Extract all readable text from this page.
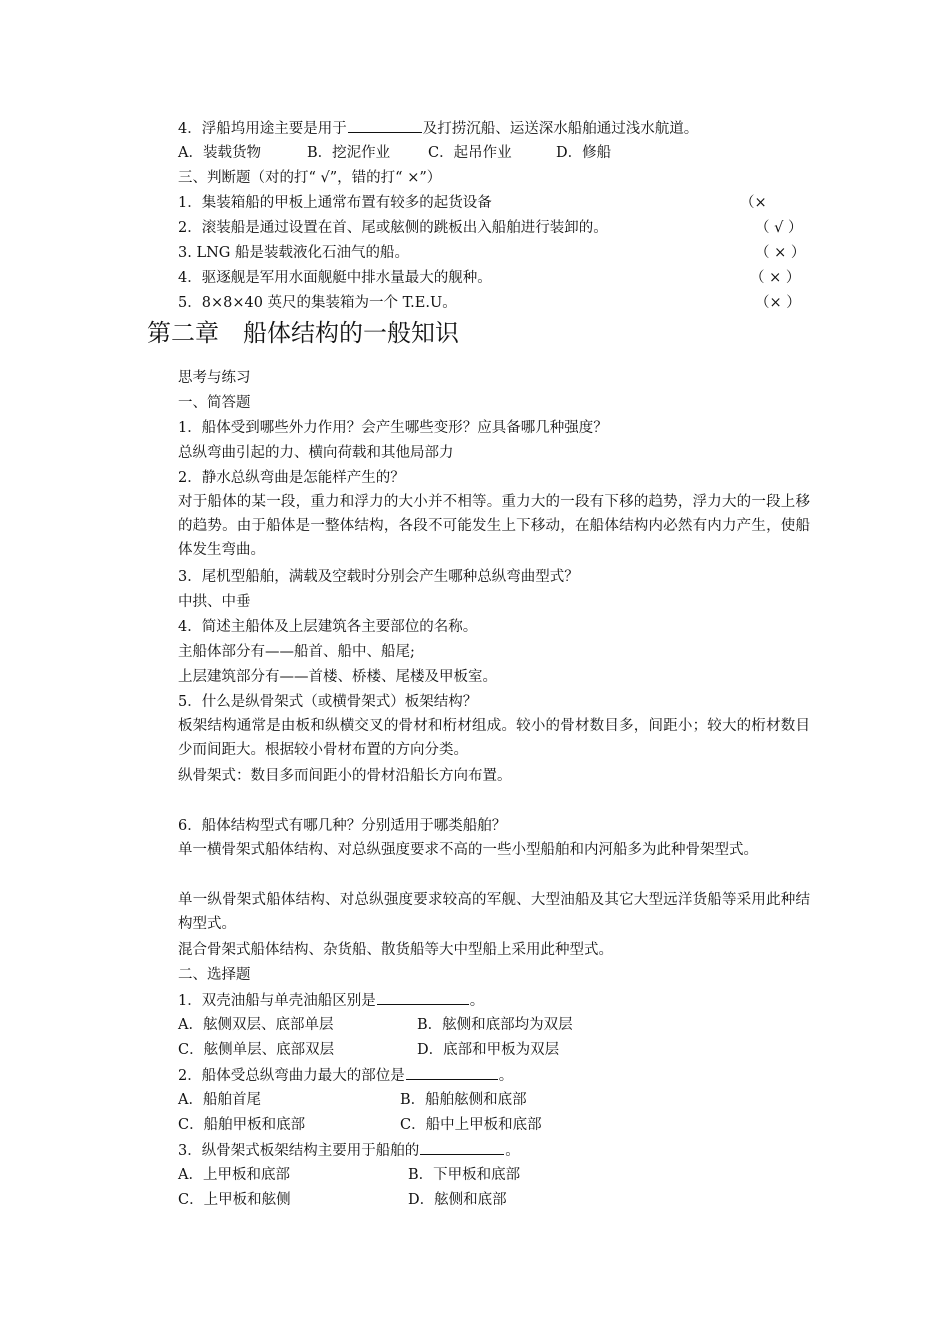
4．浮船坞用途主要是用于	及打捞沉船、运送深水船舶通过浅水航道。
A．装载货物	B．挖泥作业	C．起吊作业	D．修船
三、判断题（对的打“ √”，错的打“ ×”）
1．集装箱船的甲板上通常布置有较多的起货设备	（×
2．滚装船是通过设置在首、尾或舷侧的跳板出入船舶进行装卸的。	（ √ ）
3. LNG 船是装载液化石油气的船。	（ × ）
4．驱逐舰是军用水面舰艇中排水量最大的舰种。	（ × ）
5．8×8×40 英尺的集装箱为一个 T.E.U。	（× ）
第二章　船体结构的一般知识
思考与练习
一、简答题
1．船体受到哪些外力作用？会产生哪些变形？应具备哪几种强度？
总纵弯曲引起的力、横向荷载和其他局部力
2．静水总纵弯曲是怎能样产生的？
对于船体的某一段，重力和浮力的大小并不相等。重力大的一段有下移的趋势，浮力大的一段上移的趋势。由于船体是一整体结构，各段不可能发生上下移动，在船体结构内必然有内力产生，使船体发生弯曲。
3．尾机型船舶，满载及空载时分别会产生哪种总纵弯曲型式？
中拱、中垂
4．简述主船体及上层建筑各主要部位的名称。
主船体部分有——船首、船中、船尾;
上层建筑部分有——首楼、桥楼、尾楼及甲板室。
5．什么是纵骨架式（或横骨架式）板架结构？
板架结构通常是由板和纵横交叉的骨材和桁材组成。较小的骨材数目多，间距小；较大的桁材数目少而间距大。根据较小骨材布置的方向分类。
纵骨架式：数目多而间距小的骨材沿船长方向布置。
6．船体结构型式有哪几种？分别适用于哪类船舶？
单一横骨架式船体结构、对总纵强度要求不高的一些小型船舶和内河船多为此种骨架型式。
单一纵骨架式船体结构、对总纵强度要求较高的军舰、大型油船及其它大型远洋货船等采用此种结构型式。
混合骨架式船体结构、杂货船、散货船等大中型船上采用此种型式。
二、选择题
1．双壳油船与单壳油船区别是	。
A．舷侧双层、底部单层	B．舷侧和底部均为双层
C．舷侧单层、底部双层	D．底部和甲板为双层
2．船体受总纵弯曲力最大的部位是	。
A．船舶首尾	B．船舶舷侧和底部
C．船舶甲板和底部	C．船中上甲板和底部
3．纵骨架式板架结构主要用于船舶的	。
A．上甲板和底部	B．下甲板和底部
C．上甲板和舷侧	D．舷侧和底部
